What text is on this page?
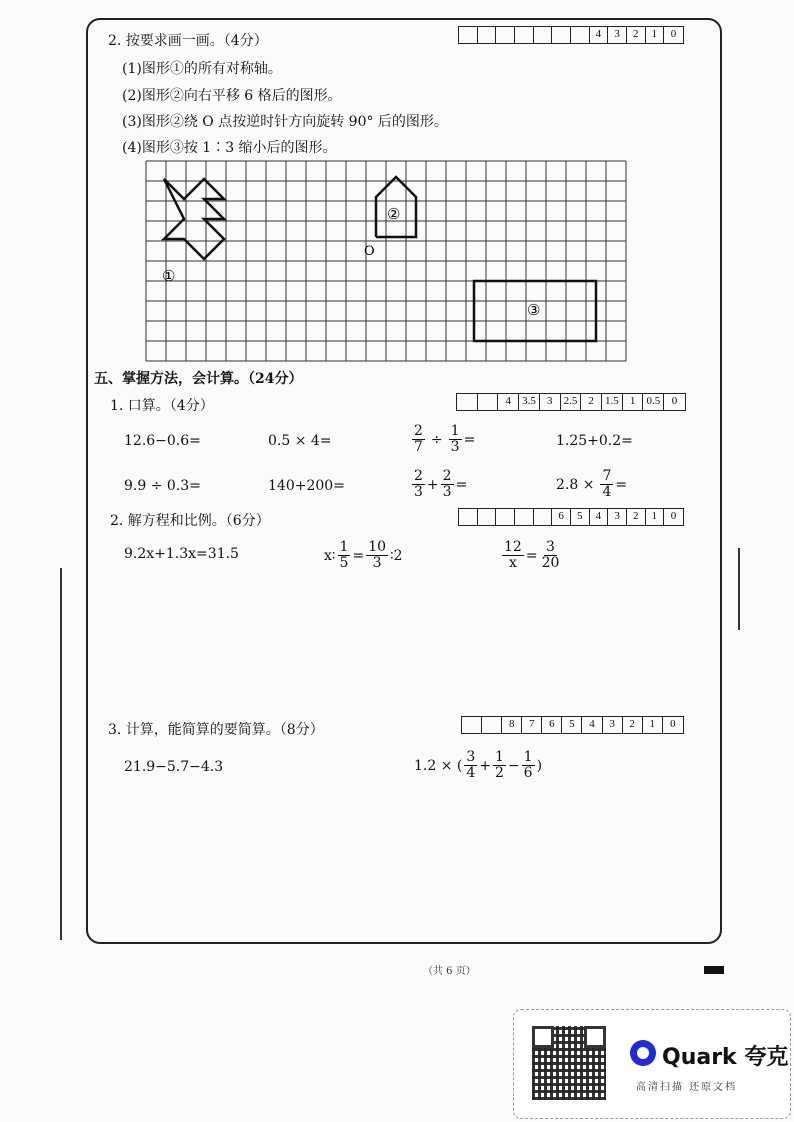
2. 按要求画一画。（4分）	4	3	2	1	0
(1)图形①的所有对称轴。
(2)图形②向右平移 6 格后的图形。
(3)图形②绕 O 点按逆时针方向旋转 90° 后的图形。
(4)图形③按 1∶3 缩小后的图形。
①
②
③
O
五、掌握方法，会计算。（24分）
1. 口算。（4分）	4	3.5	3	2.5	2	1.5	1	0.5	0
12.6−0.6=	0.5 × 4=	$\frac{2}{7} \div \frac{1}{3}$ =	1.25+0.2=
9.9 ÷ 0.3=	140+200=	$\frac{2}{3} + \frac{2}{3}$ =	$2.8 \times \frac{7}{4}$ =
2. 解方程和比例。（6分）	6	5	4	3	2	1	0
9.2x+1.3x=31.5	x∶ $\frac{1}{5} = \frac{10}{3}$ ∶2	$\frac{12}{x} = \frac{3}{20}$
3. 计算，能简算的要简算。（8分）	8	7	6	5	4	3	2	1	0
21.9−5.7−4.3	1.2 × ( $\frac{3}{4} + \frac{1}{2} - \frac{1}{6}$ )
（共 6 页）
Quark 夸克
高清扫描 还原文档
